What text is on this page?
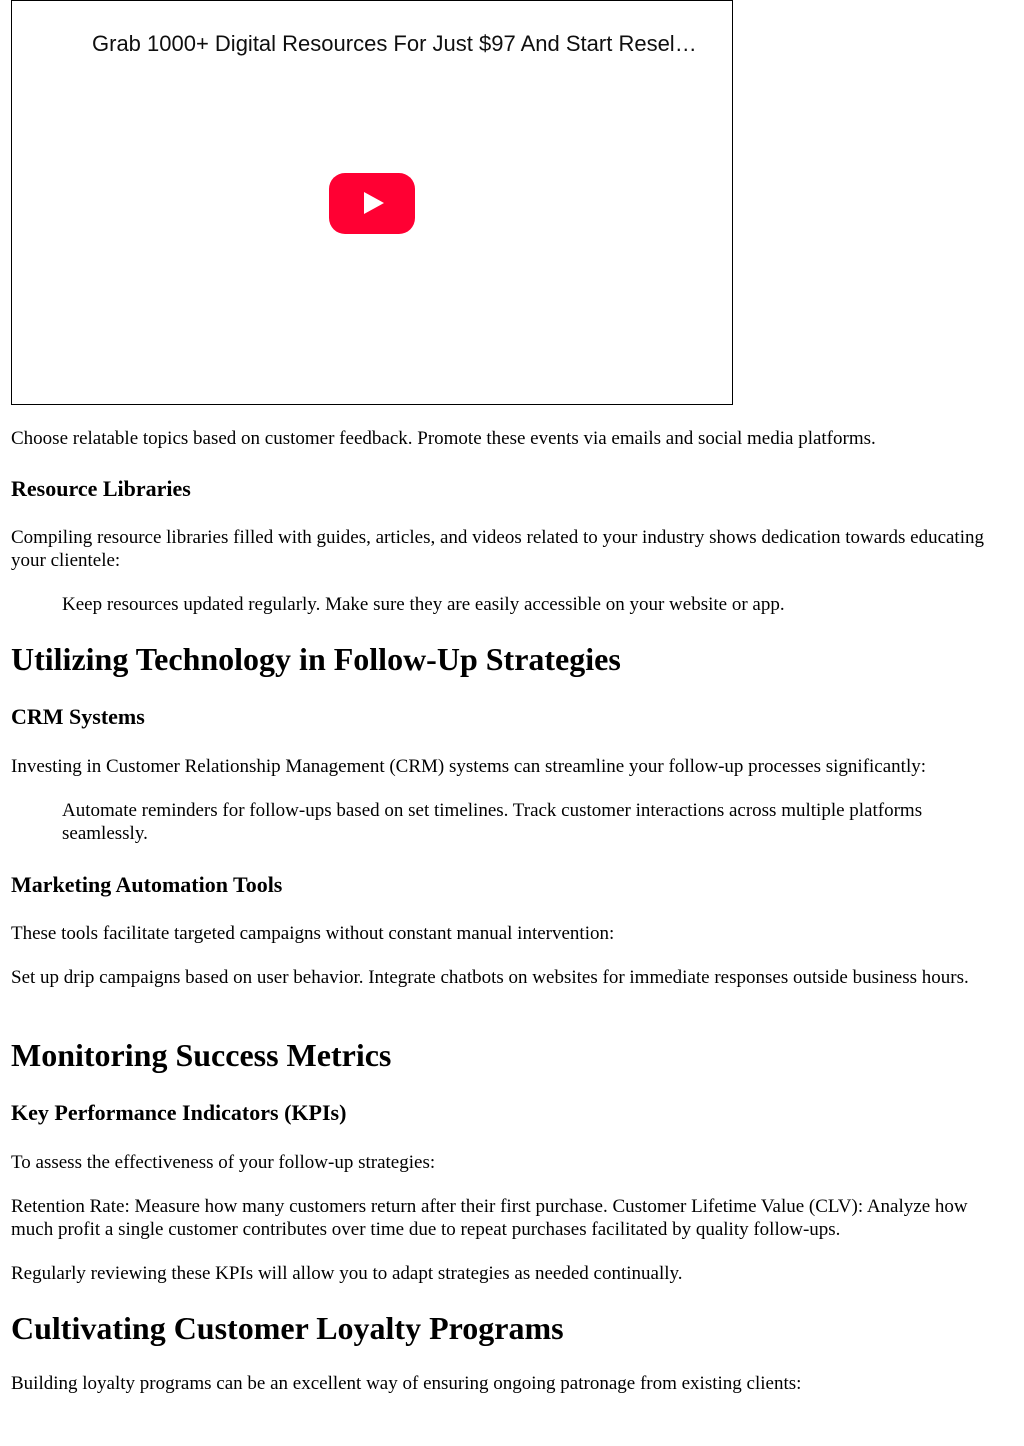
Grab 1000+ Digital Resources For Just $97 And Start Resel…

Choose relatable topics based on customer feedback. Promote these events via emails and social media platforms.

Resource Libraries

Compiling resource libraries filled with guides, articles, and videos related to your industry shows dedication towards educating your clientele:

Keep resources updated regularly. Make sure they are easily accessible on your website or app.

Utilizing Technology in Follow-Up Strategies
CRM Systems

Investing in Customer Relationship Management (CRM) systems can streamline your follow-up processes significantly:

Automate reminders for follow-ups based on set timelines. Track customer interactions across multiple platforms seamlessly.

Marketing Automation Tools

These tools facilitate targeted campaigns without constant manual intervention:

Set up drip campaigns based on user behavior. Integrate chatbots on websites for immediate responses outside business hours.

Monitoring Success Metrics
Key Performance Indicators (KPIs)

To assess the effectiveness of your follow-up strategies:

Retention Rate: Measure how many customers return after their first purchase. Customer Lifetime Value (CLV): Analyze how much profit a single customer contributes over time due to repeat purchases facilitated by quality follow-ups.

Regularly reviewing these KPIs will allow you to adapt strategies as needed continually.

Cultivating Customer Loyalty Programs

Building loyalty programs can be an excellent way of ensuring ongoing patronage from existing clients:
